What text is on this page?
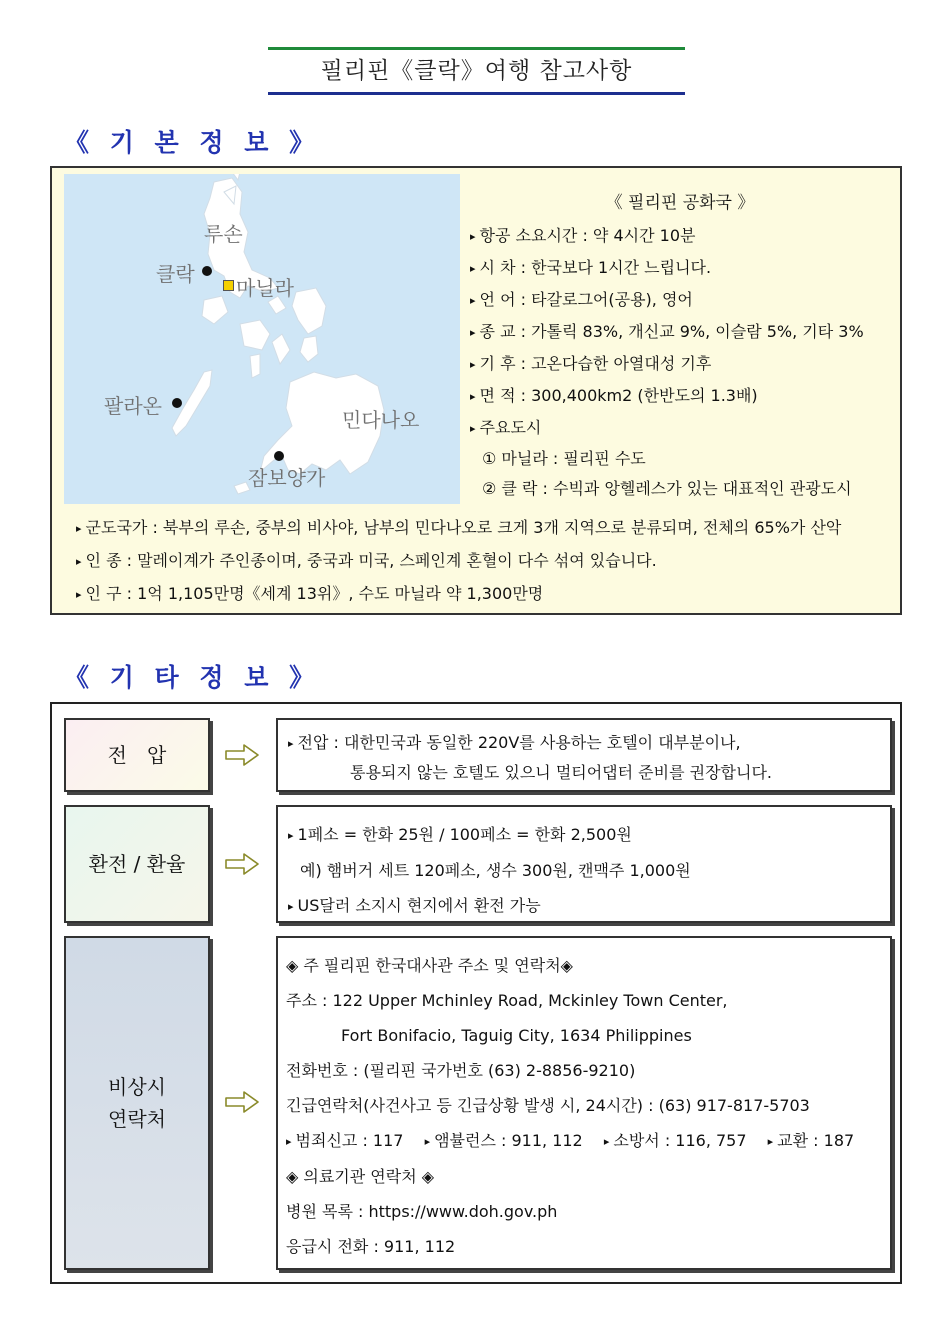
필리핀《클락》여행 참고사항
《 기 본 정 보 》
루손
클락
마닐라
팔라온
민다나오
잠보양가
《 필리핀 공화국 》
▸ 항공 소요시간 : 약 4시간 10분
▸ 시 차 : 한국보다 1시간 느립니다.
▸ 언 어 : 타갈로그어(공용), 영어
▸ 종 교 : 가톨릭 83%, 개신교 9%, 이슬람 5%, 기타 3%
▸ 기 후 : 고온다습한 아열대성 기후
▸ 면 적 : 300,400km2 (한반도의 1.3배)
▸ 주요도시
① 마닐라 : 필리핀 수도
② 클 락 : 수빅과 앙헬레스가 있는 대표적인 관광도시
▸ 군도국가 : 북부의 루손, 중부의 비사야, 남부의 민다나오로 크게 3개 지역으로 분류되며, 전체의 65%가 산악
▸ 인 종 : 말레이계가 주인종이며, 중국과 미국, 스페인계 혼혈이 다수 섞여 있습니다.
▸ 인 구 : 1억 1,105만명《세계 13위》, 수도 마닐라 약 1,300만명
《 기 타 정 보 》
전　압	▸ 전압 : 대한민국과 동일한 220V를 사용하는 호텔이 대부분이나,
통용되지 않는 호텔도 있으니 멀티어댑터 준비를 권장합니다.
환전 / 환율
▸ 1페소 = 한화 25원 / 100페소 = 한화 2,500원
예) 햄버거 세트 120페소, 생수 300원, 캔맥주 1,000원
▸ US달러 소지시 현지에서 환전 가능
비상시
연락처
◈ 주 필리핀 한국대사관 주소 및 연락처◈
주소 : 122 Upper Mchinley Road, Mckinley Town Center,
Fort Bonifacio, Taguig City, 1634 Philippines
전화번호 : (필리핀 국가번호 (63) 2-8856-9210)
긴급연락처(사건사고 등 긴급상황 발생 시, 24시간) : (63) 917-817-5703
▸ 범죄신고 : 117 ▸ 앰뷸런스 : 911, 112 ▸ 소방서 : 116, 757 ▸ 교환 : 187
◈ 의료기관 연락처 ◈
병원 목록 : https://www.doh.gov.ph
응급시 전화 : 911, 112
